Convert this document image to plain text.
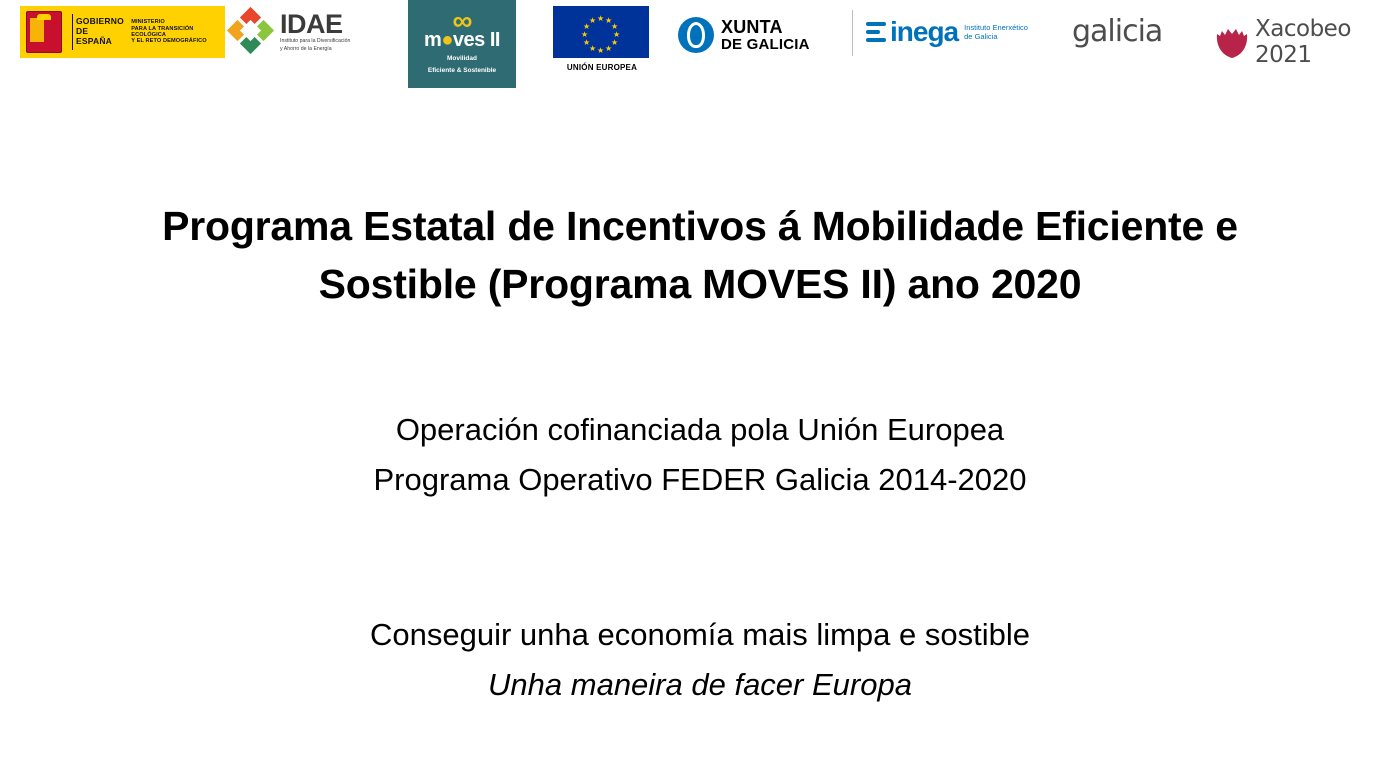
GOBIERNO
DE ESPAÑA
MINISTERIO
PARA LA TRANSICIÓN ECOLÓGICA
Y EL RETO DEMOGRÁFICO
IDAE
Instituto para la Diversificación
y Ahorro de la Energía
∞
m●ves II
Movilidad
Eficiente & Sostenible
★ ★
★
★
★
★
★
★
★
★
★
★
UNIÓN EUROPEA
XUNTA
DE GALICIA	inega Instituto Enerxético
de Galicia	galicia	Xacobeo 2021
Programa Estatal de Incentivos á Mobilidade Eficiente e
Sostible (Programa MOVES II) ano 2020
Operación cofinanciada pola Unión Europea
Programa Operativo FEDER Galicia 2014-2020
Conseguir unha economía mais limpa e sostible
Unha maneira de facer Europa
